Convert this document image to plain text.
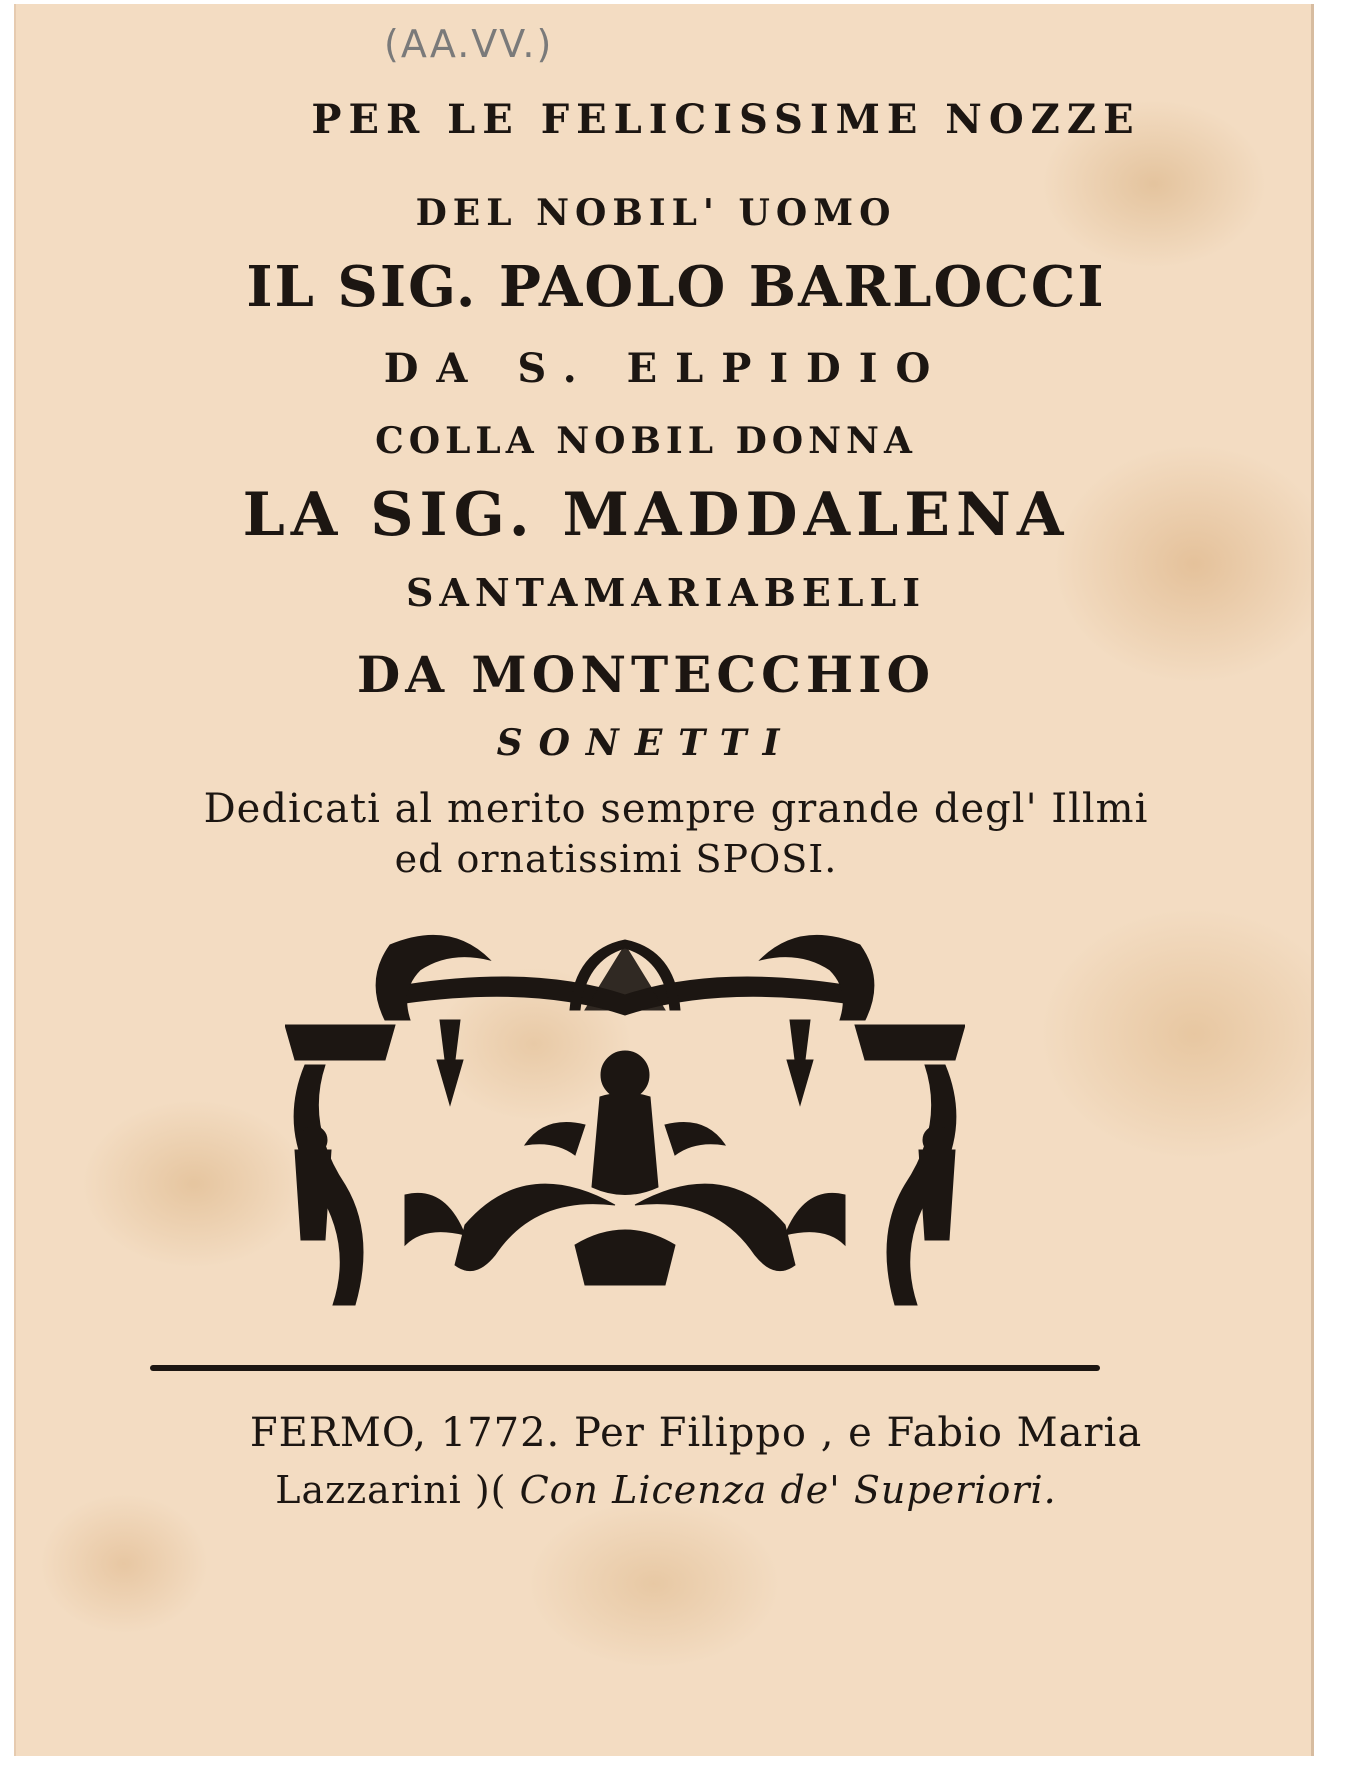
(AA.VV.)
PER LE FELICISSIME NOZZE
DEL NOBIL' UOMO
IL SIG. PAOLO BARLOCCI
DA S. ELPIDIO
COLLA NOBIL DONNA
LA SIG. MADDALENA
SANTAMARIABELLI
DA MONTECCHIO
SONETTI
Dedicati al merito sempre grande degl' Illmi
ed ornatissimi SPOSI.
FERMO, 1772. Per Filippo , e Fabio Maria
Lazzarini )( Con Licenza de' Superiori.
